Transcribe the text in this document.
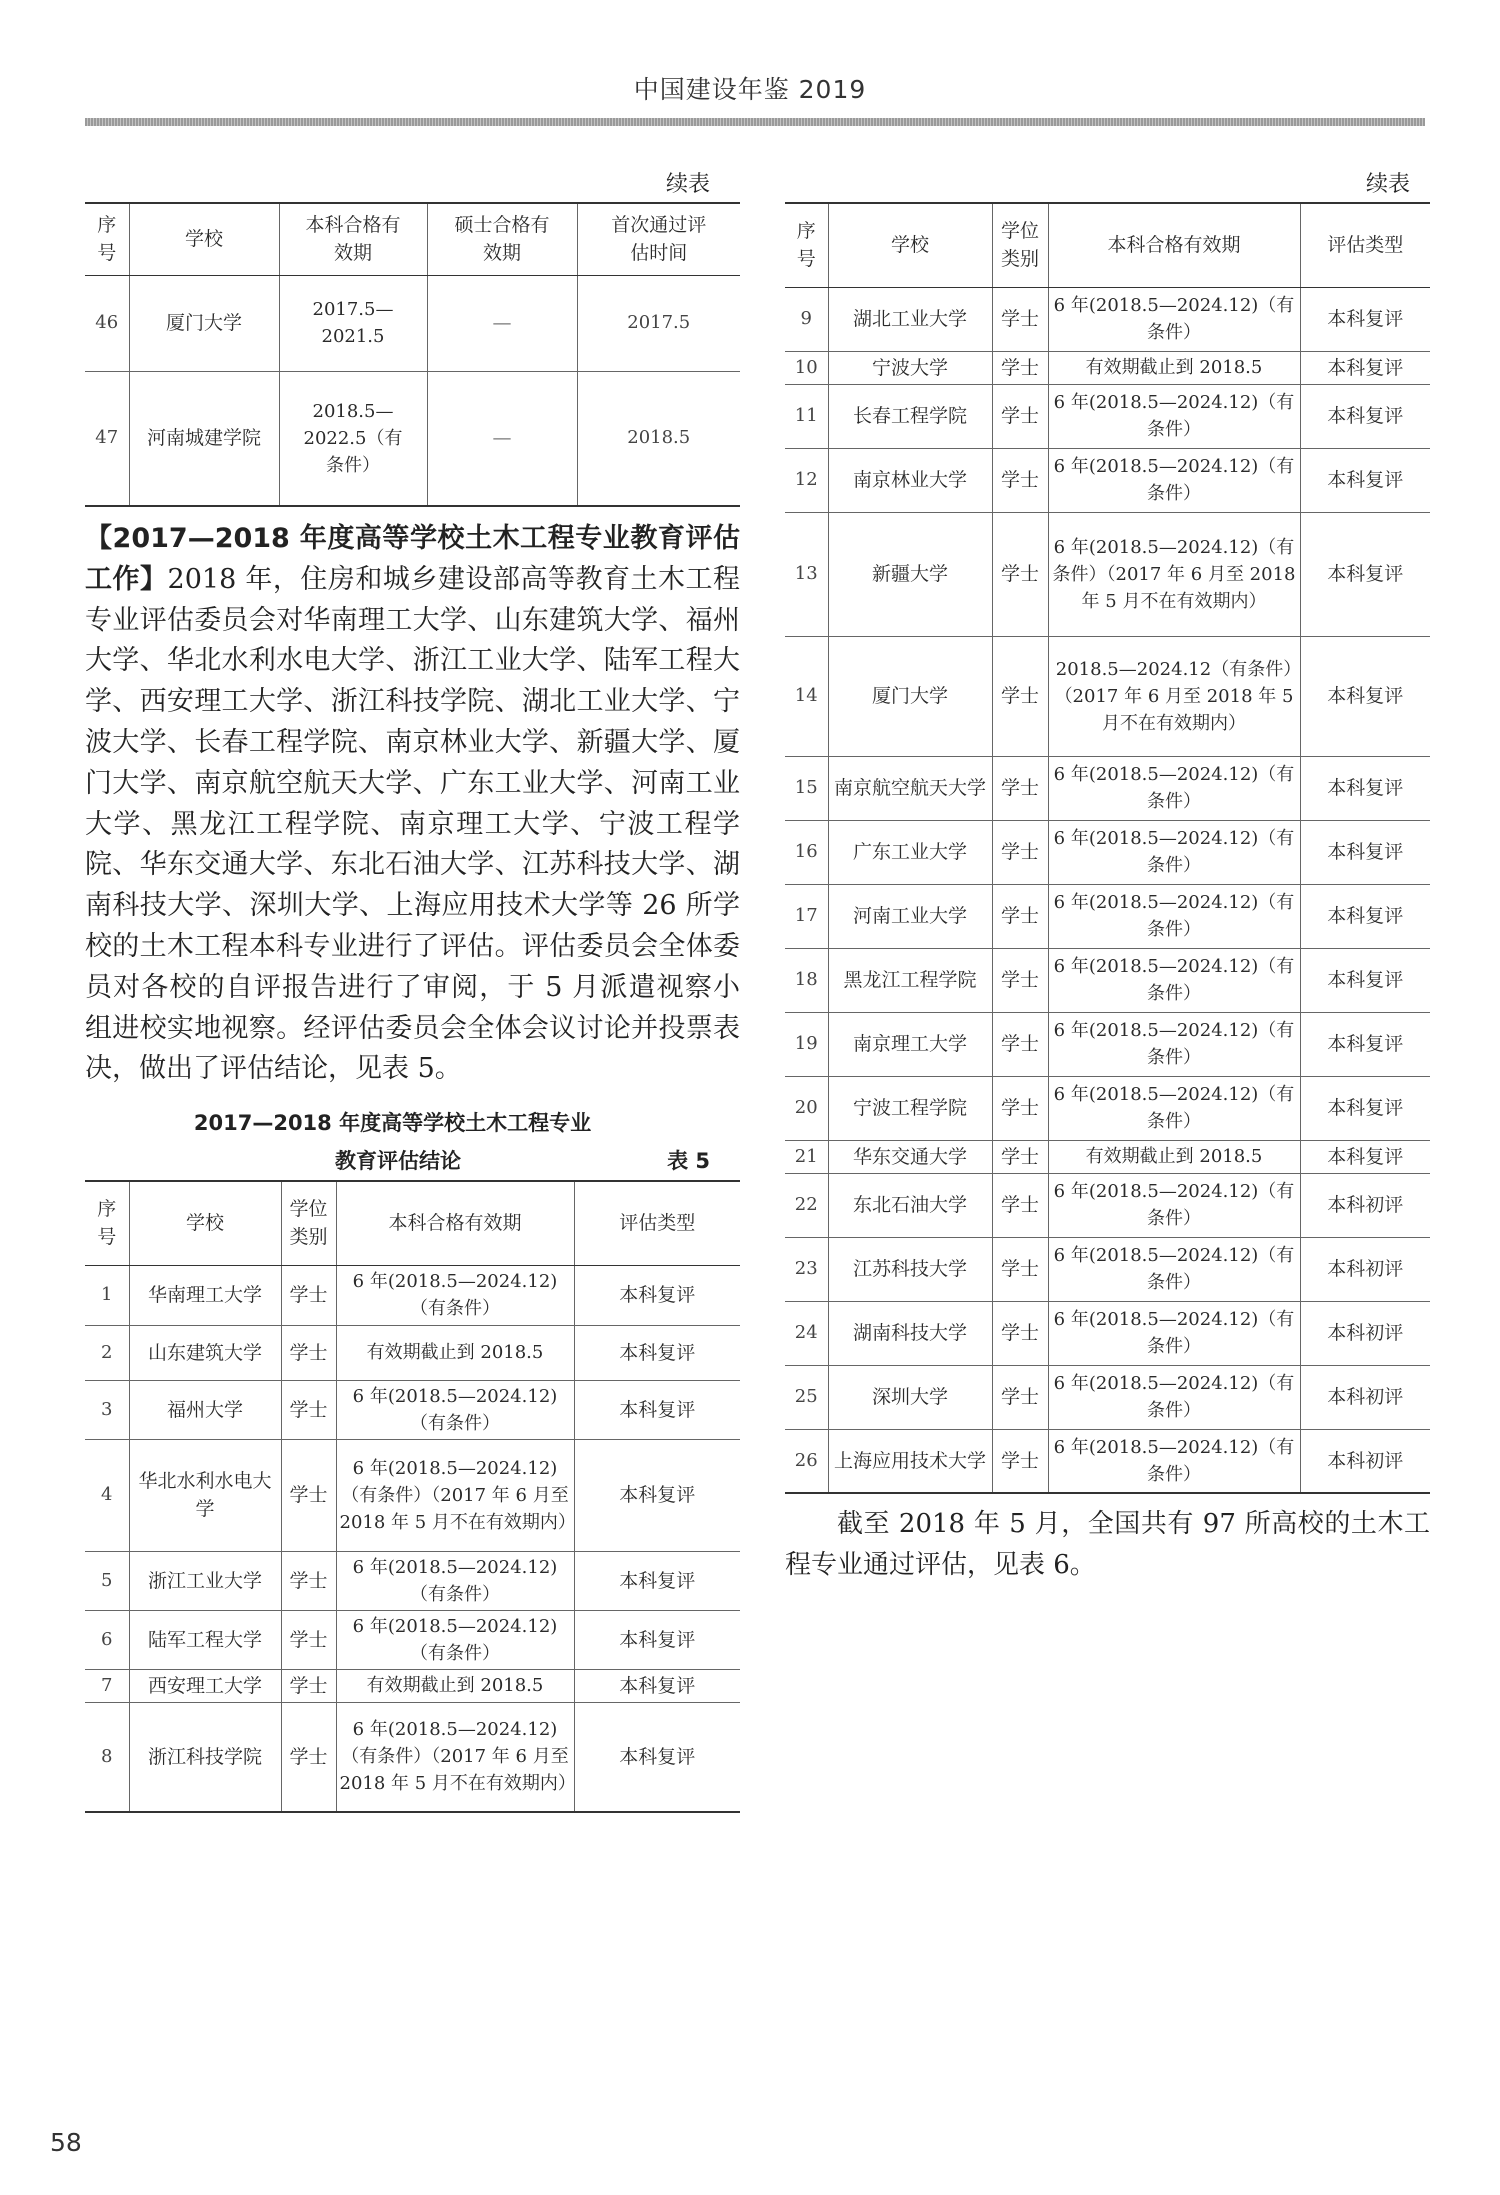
中国建设年鉴 2019
续表
序号	学校	本科合格有效期	硕士合格有效期	首次通过评估时间
46	厦门大学	2017.5—2021.5	—	2017.5
47	河南城建学院	2018.5—2022.5（有条件）	—	2018.5

【2017—2018 年度高等学校土木工程专业教育评估工作】2018 年，住房和城乡建设部高等教育土木工程专业评估委员会对华南理工大学、山东建筑大学、福州大学、华北水利水电大学、浙江工业大学、陆军工程大学、西安理工大学、浙江科技学院、湖北工业大学、宁波大学、长春工程学院、南京林业大学、新疆大学、厦门大学、南京航空航天大学、广东工业大学、河南工业大学、黑龙江工程学院、南京理工大学、宁波工程学院、华东交通大学、东北石油大学、江苏科技大学、湖南科技大学、深圳大学、上海应用技术大学等 26 所学校的土木工程本科专业进行了评估。评估委员会全体委员对各校的自评报告进行了审阅，于 5 月派遣视察小组进校实地视察。经评估委员会全体会议讨论并投票表决，做出了评估结论，见表 5。

2017—2018 年度高等学校土木工程专业
教育评估结论	表 5
序号	学校	学位类别	本科合格有效期	评估类型
1	华南理工大学	学士	6 年(2018.5—2024.12)（有条件）	本科复评
2	山东建筑大学	学士	有效期截止到 2018.5	本科复评
3	福州大学	学士	6 年(2018.5—2024.12)（有条件）	本科复评
4	华北水利水电大学	学士	6 年(2018.5—2024.12)（有条件）（2017 年 6 月至 2018 年 5 月不在有效期内）	本科复评
5	浙江工业大学	学士	6 年(2018.5—2024.12)（有条件）	本科复评
6	陆军工程大学	学士	6 年(2018.5—2024.12)（有条件）	本科复评
7	西安理工大学	学士	有效期截止到 2018.5	本科复评
8	浙江科技学院	学士	6 年(2018.5—2024.12)（有条件）（2017 年 6 月至 2018 年 5 月不在有效期内）	本科复评
续表
序号	学校	学位类别	本科合格有效期	评估类型
9	湖北工业大学	学士	6 年(2018.5—2024.12)（有条件）	本科复评
10	宁波大学	学士	有效期截止到 2018.5	本科复评
11	长春工程学院	学士	6 年(2018.5—2024.12)（有条件）	本科复评
12	南京林业大学	学士	6 年(2018.5—2024.12)（有条件）	本科复评
13	新疆大学	学士	6 年(2018.5—2024.12)（有条件）（2017 年 6 月至 2018 年 5 月不在有效期内）	本科复评
14	厦门大学	学士	2018.5—2024.12（有条件）（2017 年 6 月至 2018 年 5 月不在有效期内）	本科复评
15	南京航空航天大学	学士	6 年(2018.5—2024.12)（有条件）	本科复评
16	广东工业大学	学士	6 年(2018.5—2024.12)（有条件）	本科复评
17	河南工业大学	学士	6 年(2018.5—2024.12)（有条件）	本科复评
18	黑龙江工程学院	学士	6 年(2018.5—2024.12)（有条件）	本科复评
19	南京理工大学	学士	6 年(2018.5—2024.12)（有条件）	本科复评
20	宁波工程学院	学士	6 年(2018.5—2024.12)（有条件）	本科复评
21	华东交通大学	学士	有效期截止到 2018.5	本科复评
22	东北石油大学	学士	6 年(2018.5—2024.12)（有条件）	本科初评
23	江苏科技大学	学士	6 年(2018.5—2024.12)（有条件）	本科初评
24	湖南科技大学	学士	6 年(2018.5—2024.12)（有条件）	本科初评
25	深圳大学	学士	6 年(2018.5—2024.12)（有条件）	本科初评
26	上海应用技术大学	学士	6 年(2018.5—2024.12)（有条件）	本科初评

截至 2018 年 5 月，全国共有 97 所高校的土木工程专业通过评估，见表 6。

58
